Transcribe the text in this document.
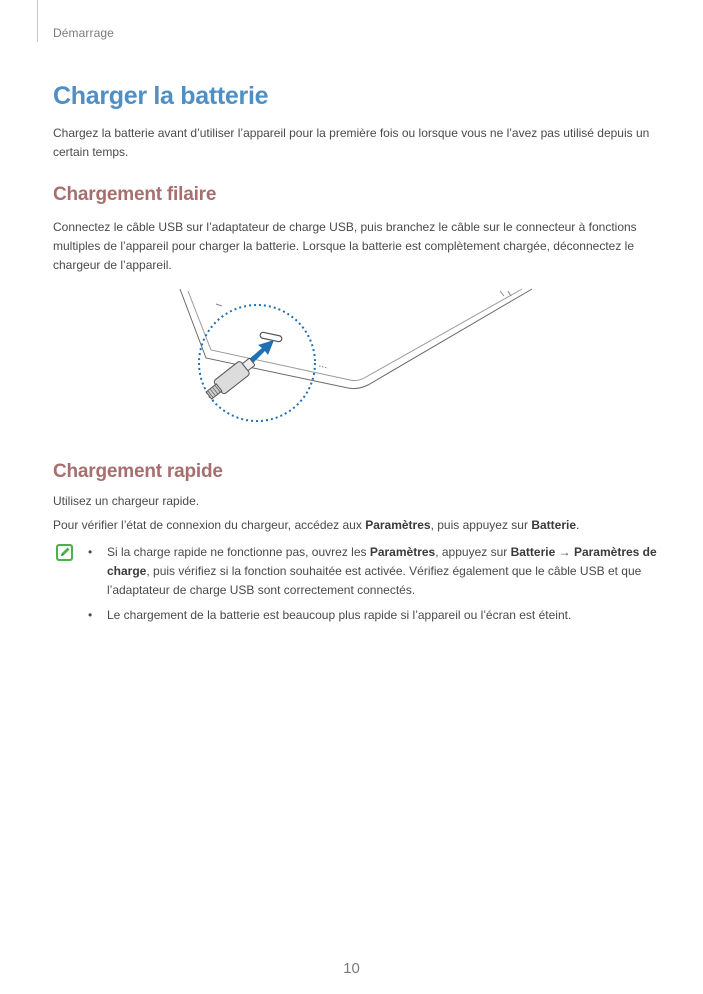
Démarrage
Charger la batterie

Chargez la batterie avant d’utiliser l’appareil pour la première fois ou lorsque vous ne l’avez pas utilisé depuis un certain temps.

Chargement filaire

Connectez le câble USB sur l’adaptateur de charge USB, puis branchez le câble sur le connecteur à fonctions multiples de l’appareil pour charger la batterie. Lorsque la batterie est complètement chargée, déconnectez le chargeur de l’appareil.

Chargement rapide

Utilisez un chargeur rapide.

Pour vérifier l’état de connexion du chargeur, accédez aux Paramètres, puis appuyez sur Batterie.

• Si la charge rapide ne fonctionne pas, ouvrez les Paramètres, appuyez sur Batterie → Paramètres de charge, puis vérifiez si la fonction souhaitée est activée. Vérifiez également que le câble USB et que l’adaptateur de charge USB sont correctement connectés.
• Le chargement de la batterie est beaucoup plus rapide si l’appareil ou l’écran est éteint.
10
